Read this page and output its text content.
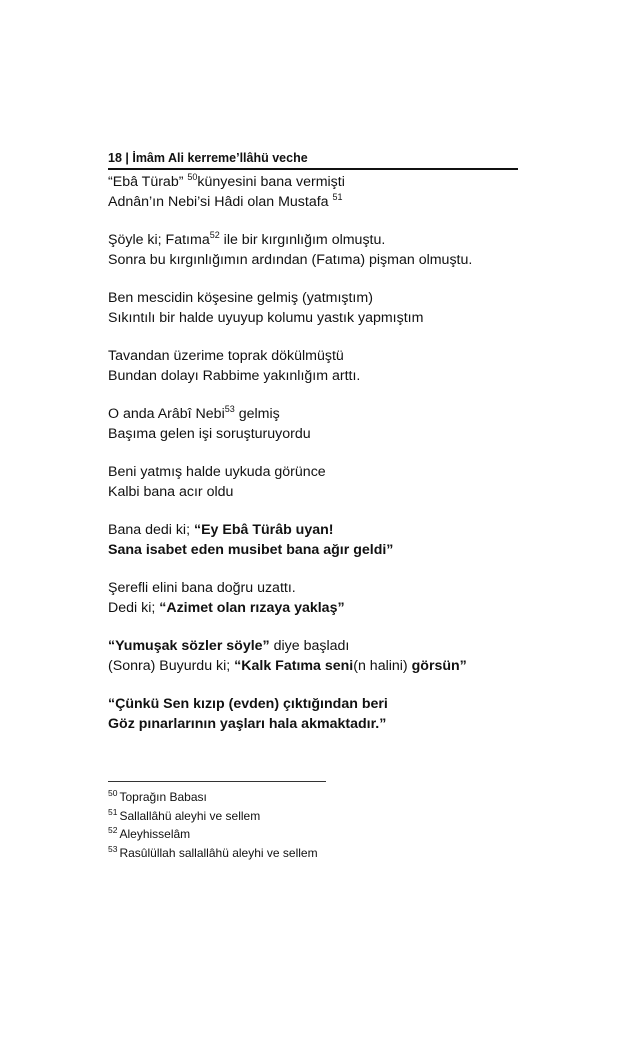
18 | İmâm Ali kerreme’llâhü veche
“Ebâ Türab” $^{50}$künyesini bana vermişti
Adnân’ın Nebi’si Hâdi olan Mustafa $^{51}$
Şöyle ki; Fatıma$^{52}$ ile bir kırgınlığım olmuştu.
Sonra bu kırgınlığımın ardından (Fatıma) pişman olmuştu.
Ben mescidin köşesine gelmiş (yatmıştım)
Sıkıntılı bir halde uyuyup kolumu yastık yapmıştım
Tavandan üzerime toprak dökülmüştü
Bundan dolayı Rabbime yakınlığım arttı.
O anda Arâbî Nebi$^{53}$ gelmiş
Başıma gelen işi soruşturuyordu
Beni yatmış halde uykuda görünce
Kalbi bana acır oldu
Bana dedi ki; “Ey Ebâ Türâb uyan!
Sana isabet eden musibet bana ağır geldi”
Şerefli elini bana doğru uzattı.
Dedi ki; “Azimet olan rızaya yaklaş”
“Yumuşak sözler söyle” diye başladı
(Sonra) Buyurdu ki; “Kalk Fatıma seni(n halini) görsün”
“Çünkü Sen kızıp (evden) çıktığından beri
Göz pınarlarının yaşları hala akmaktadır.”
$^{50}$ Toprağın Babası
$^{51}$ Sallallâhü aleyhi ve sellem
$^{52}$ Aleyhisselâm
$^{53}$ Rasûlüllah sallallâhü aleyhi ve sellem
